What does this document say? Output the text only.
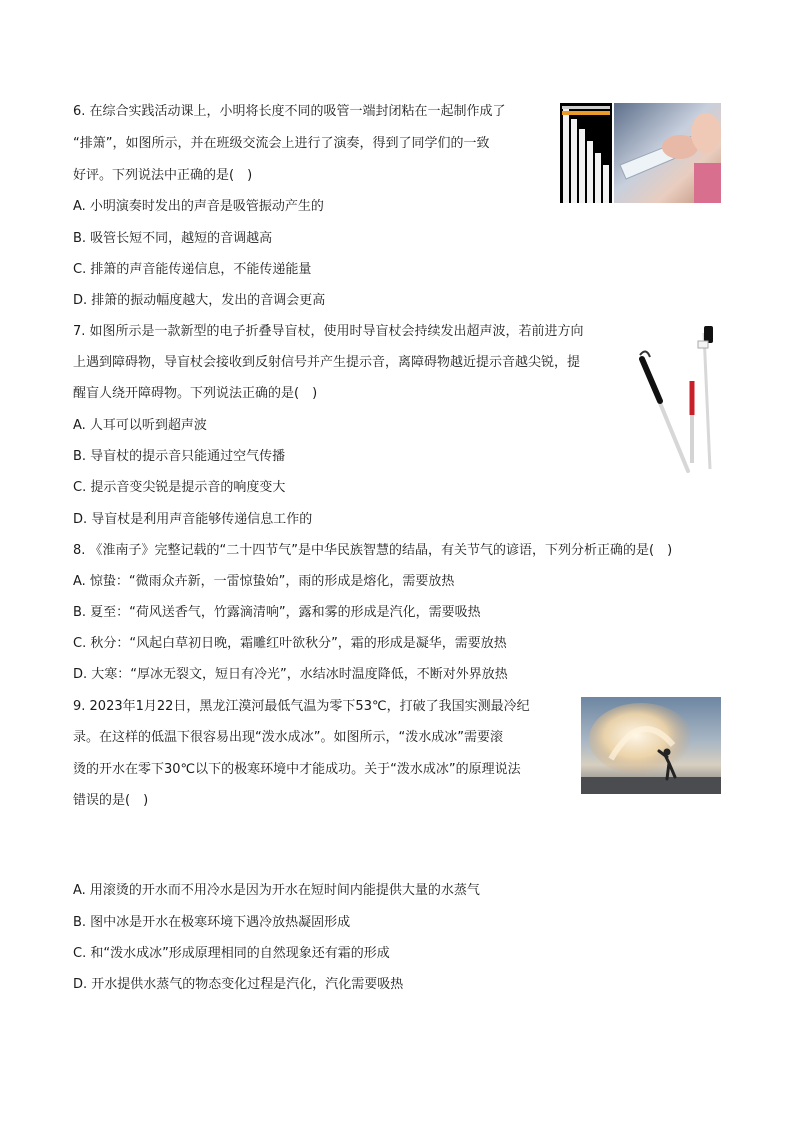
6. 在综合实践活动课上，小明将长度不同的吸管一端封闭粘在一起制作成了
“排箫”，如图所示，并在班级交流会上进行了演奏，得到了同学们的一致
好评。下列说法中正确的是(　)
A. 小明演奏时发出的声音是吸管振动产生的
B. 吸管长短不同，越短的音调越高
C. 排箫的声音能传递信息，不能传递能量
D. 排箫的振动幅度越大，发出的音调会更高
7. 如图所示是一款新型的电子折叠导盲杖，使用时导盲杖会持续发出超声波，若前进方向
上遇到障碍物，导盲杖会接收到反射信号并产生提示音，离障碍物越近提示音越尖锐，提
醒盲人绕开障碍物。下列说法正确的是(　)
A. 人耳可以听到超声波
B. 导盲杖的提示音只能通过空气传播
C. 提示音变尖锐是提示音的响度变大
D. 导盲杖是利用声音能够传递信息工作的
8. 《淮南子》完整记载的“二十四节气”是中华民族智慧的结晶，有关节气的谚语，下列分析正确的是(　)
A. 惊蛰：“微雨众卉新，一雷惊蛰始”，雨的形成是熔化，需要放热
B. 夏至：“荷风送香气，竹露滴清响”，露和雾的形成是汽化，需要吸热
C. 秋分：“风起白草初日晚，霜雕红叶欲秋分”，霜的形成是凝华，需要放热
D. 大寒：“厚冰无裂文，短日有冷光”，水结冰时温度降低，不断对外界放热
9. 2023年1月22日，黑龙江漠河最低气温为零下53℃，打破了我国实测最冷纪
录。在这样的低温下很容易出现“泼水成冰”。如图所示，“泼水成冰”需要滚
烫的开水在零下30℃以下的极寒环境中才能成功。关于“泼水成冰”的原理说法
错误的是(　)
A. 用滚烫的开水而不用冷水是因为开水在短时间内能提供大量的水蒸气
B. 图中冰是开水在极寒环境下遇冷放热凝固形成
C. 和“泼水成冰”形成原理相同的自然现象还有霜的形成
D. 开水提供水蒸气的物态变化过程是汽化，汽化需要吸热
